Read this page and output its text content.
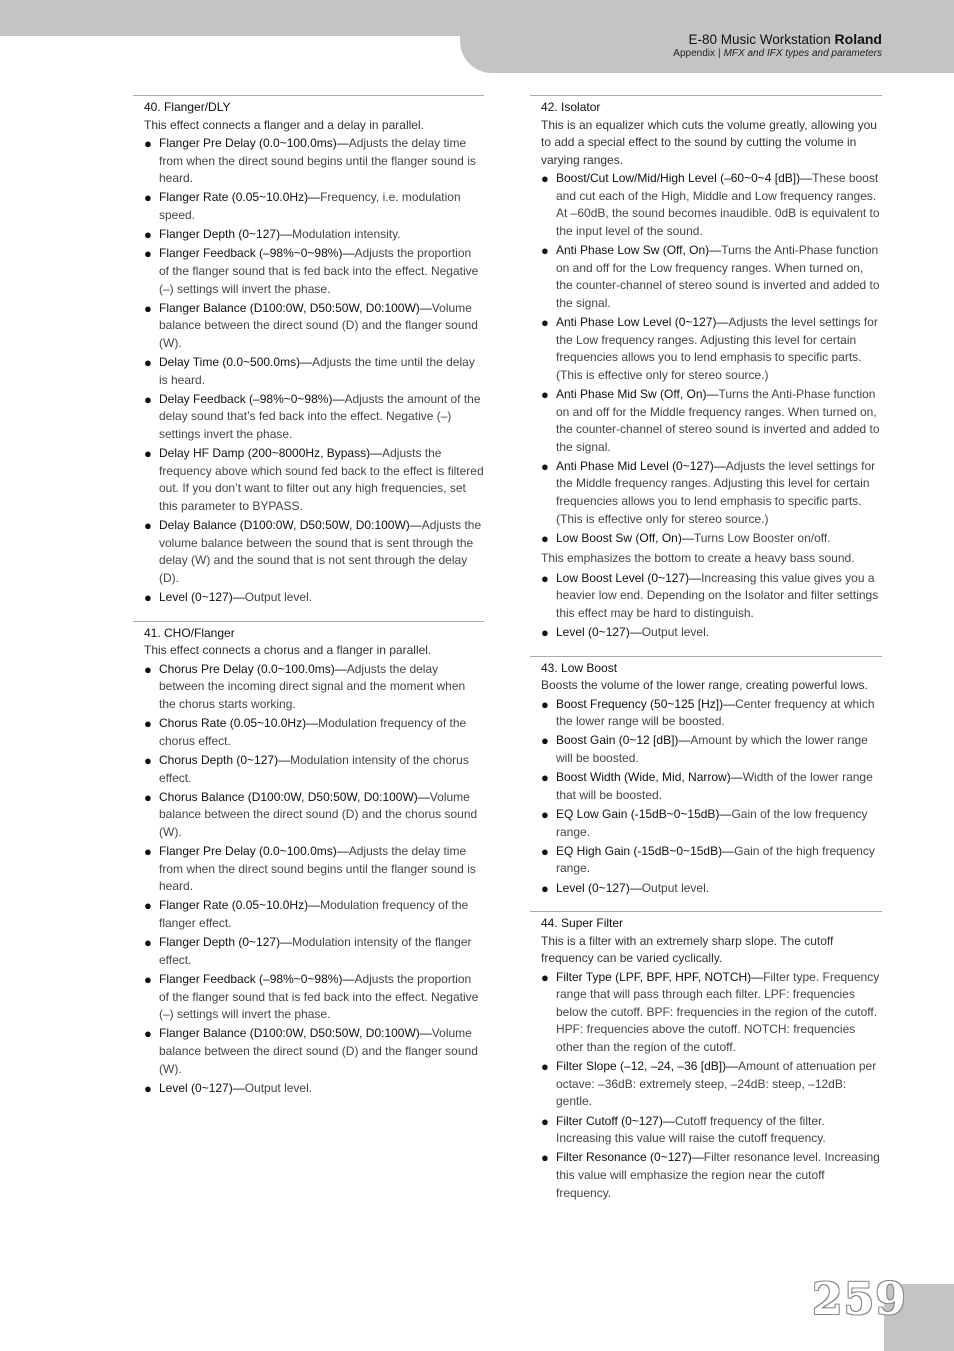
E-80 Music Workstation Roland
Appendix | MFX and IFX types and parameters
40. Flanger/DLY
This effect connects a flanger and a delay in parallel.
● Flanger Pre Delay (0.0~100.0ms)—Adjusts the delay time from when the direct sound begins until the flanger sound is heard.
● Flanger Rate (0.05~10.0Hz)—Frequency, i.e. modulation speed.
● Flanger Depth (0~127)—Modulation intensity.
● Flanger Feedback (–98%~0~98%)—Adjusts the proportion of the flanger sound that is fed back into the effect. Negative (–) settings will invert the phase.
● Flanger Balance (D100:0W, D50:50W, D0:100W)—Volume balance between the direct sound (D) and the flanger sound (W).
● Delay Time (0.0~500.0ms)—Adjusts the time until the delay is heard.
● Delay Feedback (–98%~0~98%)—Adjusts the amount of the delay sound that’s fed back into the effect. Negative (–) settings invert the phase.
● Delay HF Damp (200~8000Hz, Bypass)—Adjusts the frequency above which sound fed back to the effect is filtered out. If you don’t want to filter out any high frequencies, set this parameter to BYPASS.
● Delay Balance (D100:0W, D50:50W, D0:100W)—Adjusts the volume balance between the sound that is sent through the delay (W) and the sound that is not sent through the delay (D).
● Level (0~127)—Output level.
41. CHO/Flanger
This effect connects a chorus and a flanger in parallel.
● Chorus Pre Delay (0.0~100.0ms)—Adjusts the delay between the incoming direct signal and the moment when the chorus starts working.
● Chorus Rate (0.05~10.0Hz)—Modulation frequency of the chorus effect.
● Chorus Depth (0~127)—Modulation intensity of the chorus effect.
● Chorus Balance (D100:0W, D50:50W, D0:100W)—Volume balance between the direct sound (D) and the chorus sound (W).
● Flanger Pre Delay (0.0~100.0ms)—Adjusts the delay time from when the direct sound begins until the flanger sound is heard.
● Flanger Rate (0.05~10.0Hz)—Modulation frequency of the flanger effect.
● Flanger Depth (0~127)—Modulation intensity of the flanger effect.
● Flanger Feedback (–98%~0~98%)—Adjusts the proportion of the flanger sound that is fed back into the effect. Negative (–) settings will invert the phase.
● Flanger Balance (D100:0W, D50:50W, D0:100W)—Volume balance between the direct sound (D) and the flanger sound (W).
● Level (0~127)—Output level.
42. Isolator
This is an equalizer which cuts the volume greatly, allowing you to add a special effect to the sound by cutting the volume in varying ranges.
● Boost/Cut Low/Mid/High Level (–60~0~4 [dB])—These boost and cut each of the High, Middle and Low frequency ranges. At –60dB, the sound becomes inaudible. 0dB is equivalent to the input level of the sound.
● Anti Phase Low Sw (Off, On)—Turns the Anti-Phase function on and off for the Low frequency ranges. When turned on, the counter-channel of stereo sound is inverted and added to the signal.
● Anti Phase Low Level (0~127)—Adjusts the level settings for the Low frequency ranges. Adjusting this level for certain frequencies allows you to lend emphasis to specific parts. (This is effective only for stereo source.)
● Anti Phase Mid Sw (Off, On)—Turns the Anti-Phase function on and off for the Middle frequency ranges. When turned on, the counter-channel of stereo sound is inverted and added to the signal.
● Anti Phase Mid Level (0~127)—Adjusts the level settings for the Middle frequency ranges. Adjusting this level for certain frequencies allows you to lend emphasis to specific parts. (This is effective only for stereo source.)
● Low Boost Sw (Off, On)—Turns Low Booster on/off.
This emphasizes the bottom to create a heavy bass sound.
● Low Boost Level (0~127)—Increasing this value gives you a heavier low end. Depending on the Isolator and filter settings this effect may be hard to distinguish.
● Level (0~127)—Output level.
43. Low Boost
Boosts the volume of the lower range, creating powerful lows.
● Boost Frequency (50~125 [Hz])—Center frequency at which the lower range will be boosted.
● Boost Gain (0~12 [dB])—Amount by which the lower range will be boosted.
● Boost Width (Wide, Mid, Narrow)—Width of the lower range that will be boosted.
● EQ Low Gain (-15dB~0~15dB)—Gain of the low frequency range.
● EQ High Gain (-15dB~0~15dB)—Gain of the high frequency range.
● Level (0~127)—Output level.
44. Super Filter
This is a filter with an extremely sharp slope. The cutoff frequency can be varied cyclically.
● Filter Type (LPF, BPF, HPF, NOTCH)—Filter type. Frequency range that will pass through each filter. LPF: frequencies below the cutoff. BPF: frequencies in the region of the cutoff. HPF: frequencies above the cutoff. NOTCH: frequencies other than the region of the cutoff.
● Filter Slope (–12, –24, –36 [dB])—Amount of attenuation per octave: –36dB: extremely steep, –24dB: steep, –12dB: gentle.
● Filter Cutoff (0~127)—Cutoff frequency of the filter. Increasing this value will raise the cutoff frequency.
● Filter Resonance (0~127)—Filter resonance level. Increasing this value will emphasize the region near the cutoff frequency.
259
